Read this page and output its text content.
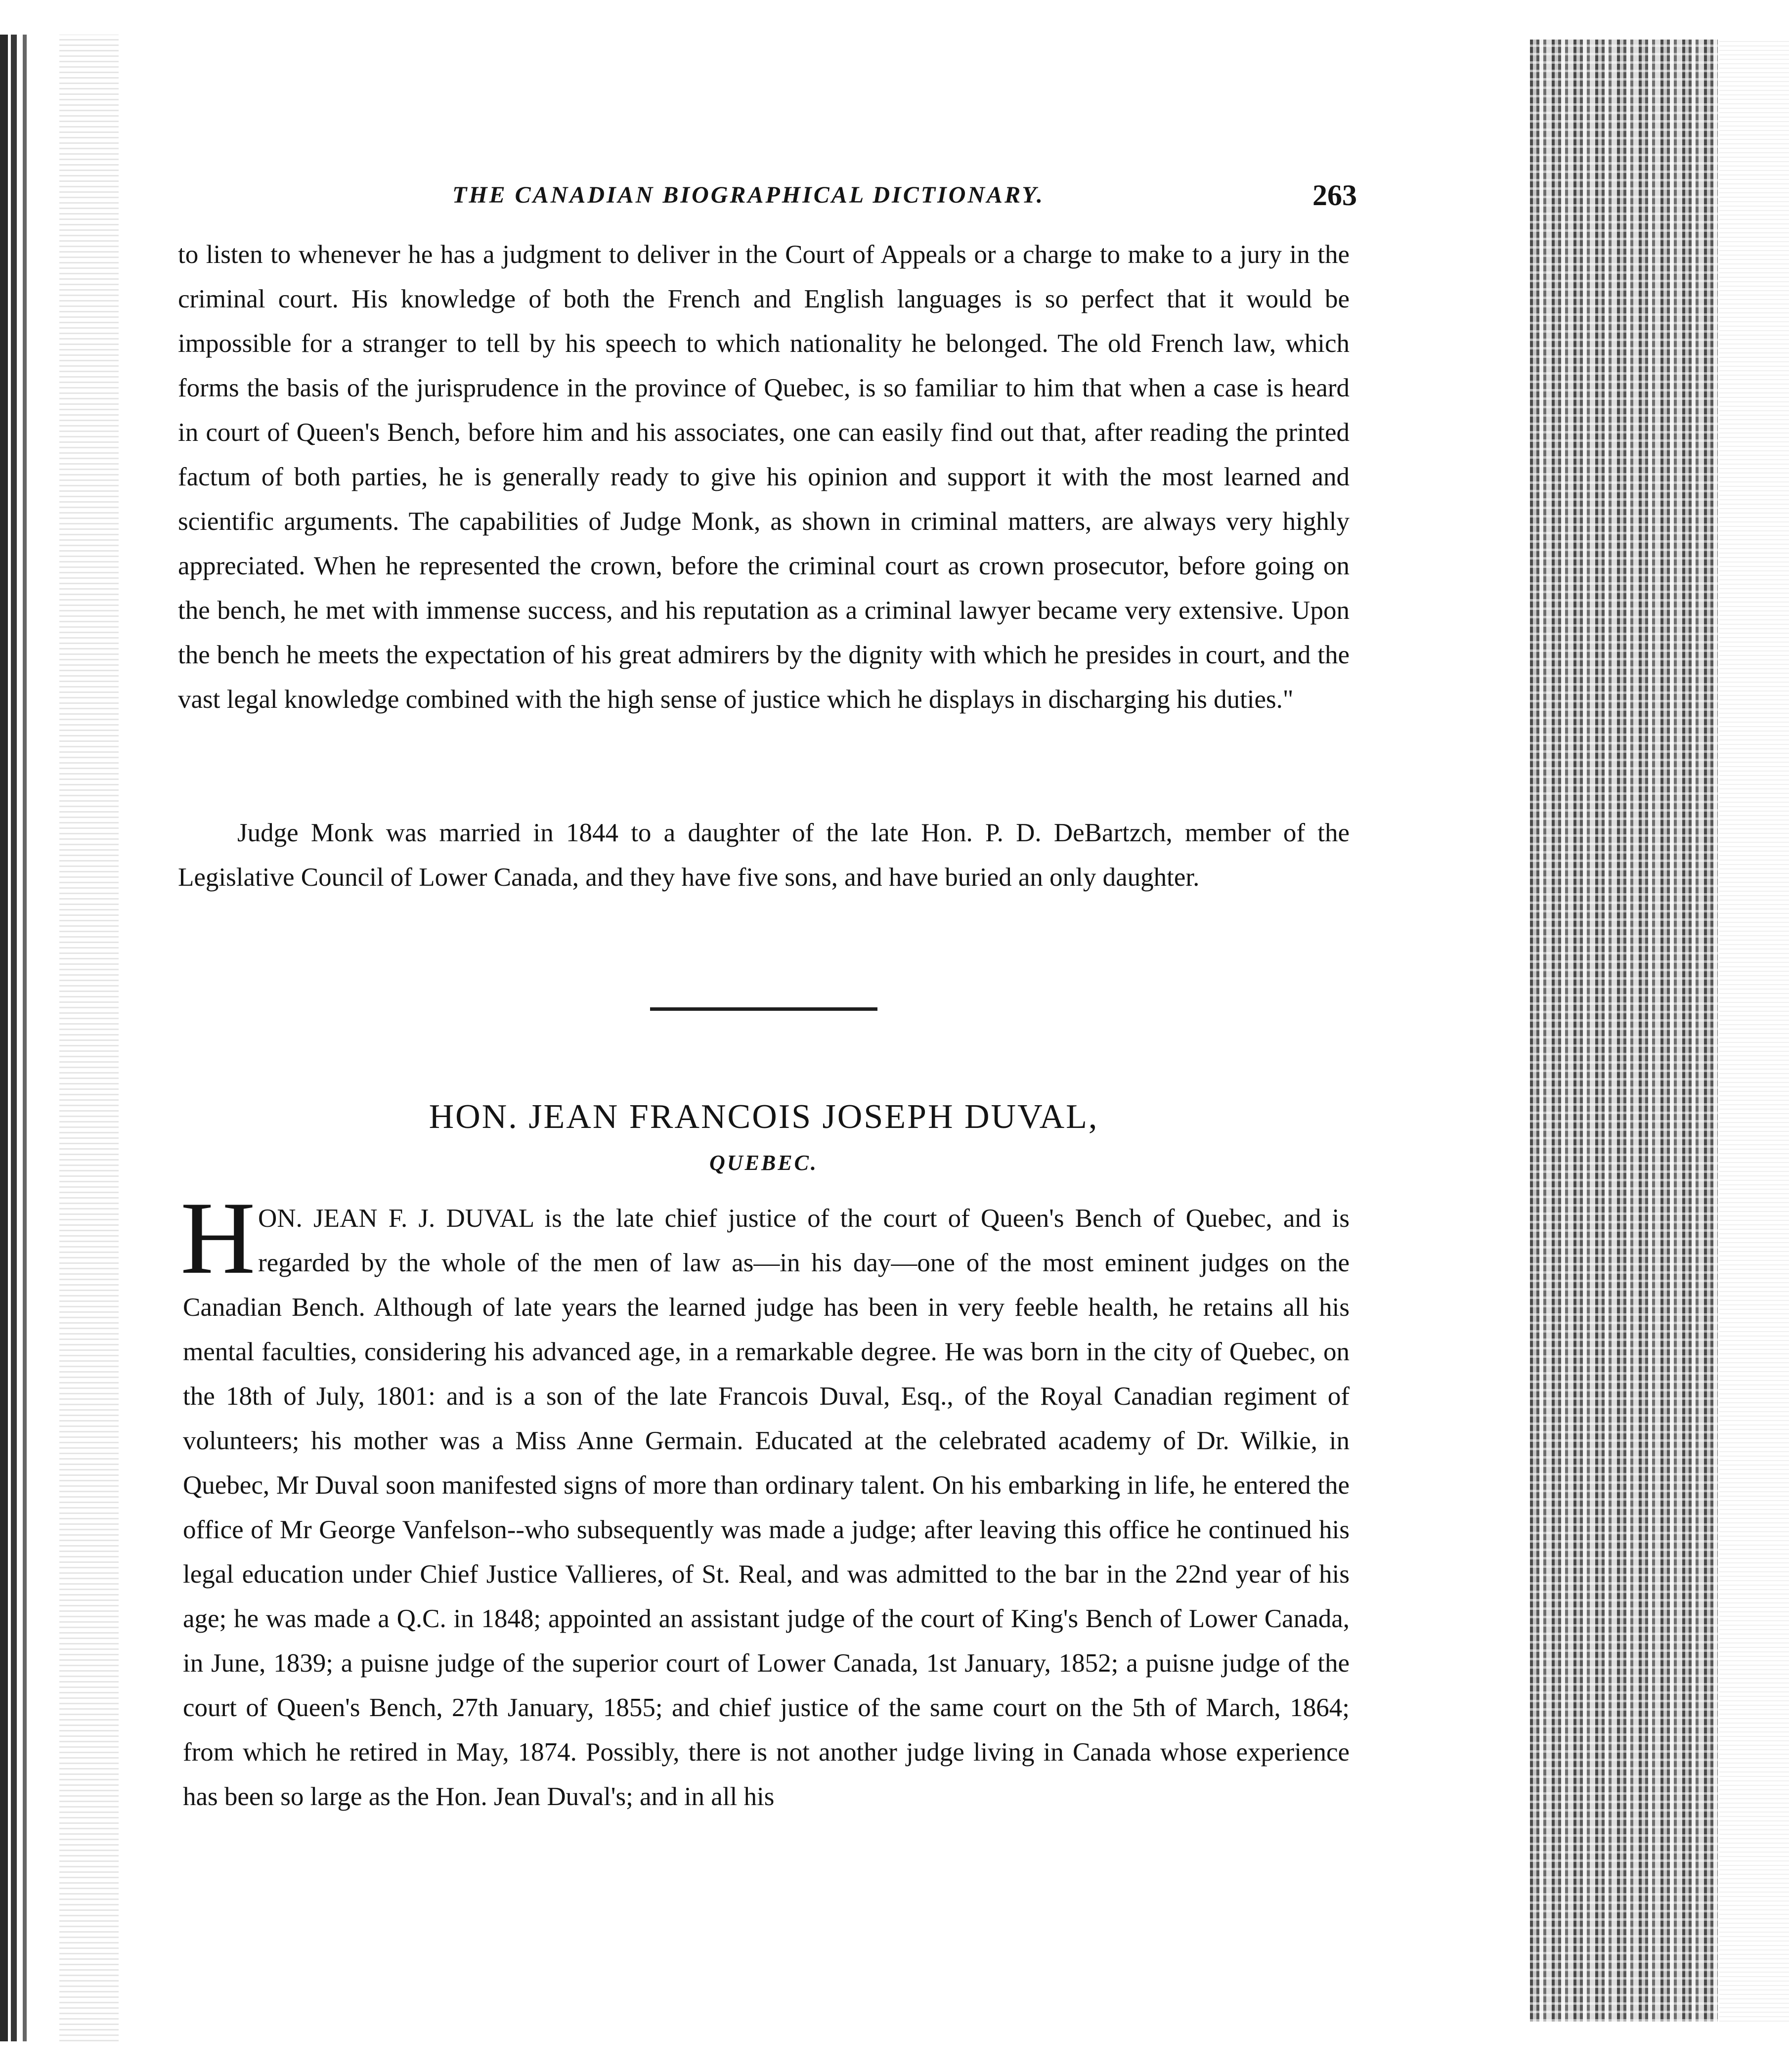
THE CANADIAN BIOGRAPHICAL DICTIONARY.	263
to listen to whenever he has a judgment to deliver in the Court of Appeals or a charge to make to a jury in the criminal court. His knowledge of both the French and English languages is so perfect that it would be impossible for a stranger to tell by his speech to which nationality he belonged. The old French law, which forms the basis of the jurisprudence in the province of Quebec, is so familiar to him that when a case is heard in court of Queen's Bench, before him and his associates, one can easily find out that, after reading the printed factum of both parties, he is generally ready to give his opinion and support it with the most learned and scientific arguments. The capabilities of Judge Monk, as shown in criminal matters, are always very highly appreciated. When he represented the crown, before the criminal court as crown prosecutor, before going on the bench, he met with immense success, and his reputation as a criminal lawyer became very extensive. Upon the bench he meets the expectation of his great admirers by the dignity with which he presides in court, and the vast legal knowledge combined with the high sense of justice which he displays in discharging his duties."
Judge Monk was married in 1844 to a daughter of the late Hon. P. D. DeBartzch, member of the Legislative Council of Lower Canada, and they have five sons, and have buried an only daughter.
HON. JEAN FRANCOIS JOSEPH DUVAL,
QUEBEC.
H ON. JEAN F. J. DUVAL is the late chief justice of the court of Queen's Bench of Quebec, and is regarded by the whole of the men of law as—in his day—one of the most eminent judges on the Canadian Bench. Although of late years the learned judge has been in very feeble health, he retains all his mental faculties, considering his advanced age, in a remarkable degree. He was born in the city of Quebec, on the 18th of July, 1801: and is a son of the late Francois Duval, Esq., of the Royal Canadian regiment of volunteers; his mother was a Miss Anne Germain. Educated at the celebrated academy of Dr. Wilkie, in Quebec, Mr Duval soon manifested signs of more than ordinary talent. On his embarking in life, he entered the office of Mr George Vanfelson--who subsequently was made a judge; after leaving this office he continued his legal education under Chief Justice Vallieres, of St. Real, and was admitted to the bar in the 22nd year of his age; he was made a Q.C. in 1848; appointed an assistant judge of the court of King's Bench of Lower Canada, in June, 1839; a puisne judge of the superior court of Lower Canada, 1st January, 1852; a puisne judge of the court of Queen's Bench, 27th January, 1855; and chief justice of the same court on the 5th of March, 1864; from which he retired in May, 1874. Possibly, there is not another judge living in Canada whose experience has been so large as the Hon. Jean Duval's; and in all his
